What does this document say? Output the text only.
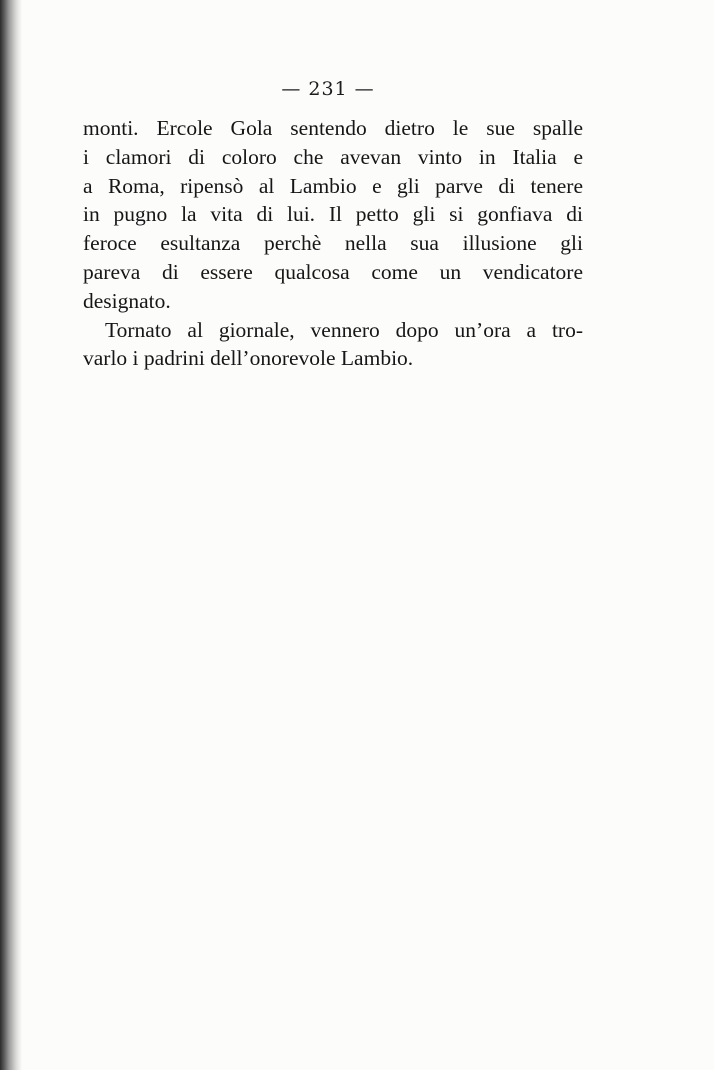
— 231 —

monti. Ercole Gola sentendo dietro le sue spalle
i clamori di coloro che avevan vinto in Italia e
a Roma, ripensò al Lambio e gli parve di tenere
in pugno la vita di lui. Il petto gli si gonfiava di
feroce esultanza perchè nella sua illusione gli
pareva di essere qualcosa come un vendicatore
designato.

Tornato al giornale, vennero dopo un’ora a tro-
varlo i padrini dell’onorevole Lambio.
